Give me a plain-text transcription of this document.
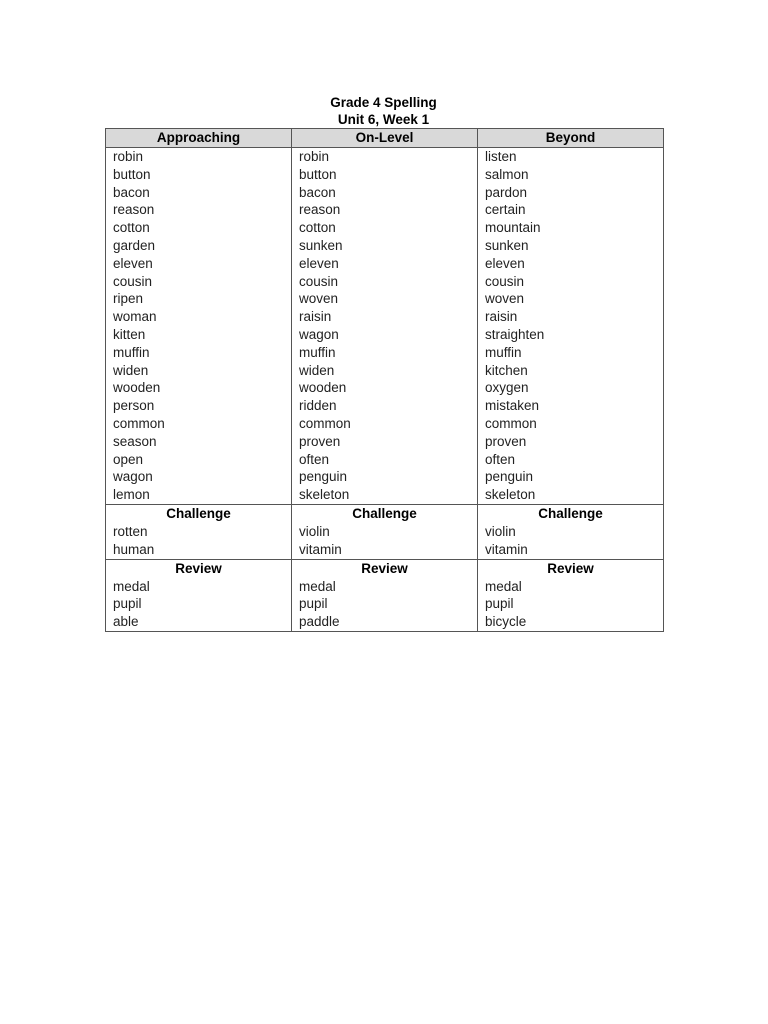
Grade 4 Spelling
Unit 6, Week 1
Approaching	On-Level	Beyond
robin	robin	listen
button	button	salmon
bacon	bacon	pardon
reason	reason	certain
cotton	cotton	mountain
garden	sunken	sunken
eleven	eleven	eleven
cousin	cousin	cousin
ripen	woven	woven
woman	raisin	raisin
kitten	wagon	straighten
muffin	muffin	muffin
widen	widen	kitchen
wooden	wooden	oxygen
person	ridden	mistaken
common	common	common
season	proven	proven
open	often	often
wagon	penguin	penguin
lemon	skeleton	skeleton
Challenge	Challenge	Challenge
rotten	violin	violin
human	vitamin	vitamin
Review	Review	Review
medal	medal	medal
pupil	pupil	pupil
able	paddle	bicycle
